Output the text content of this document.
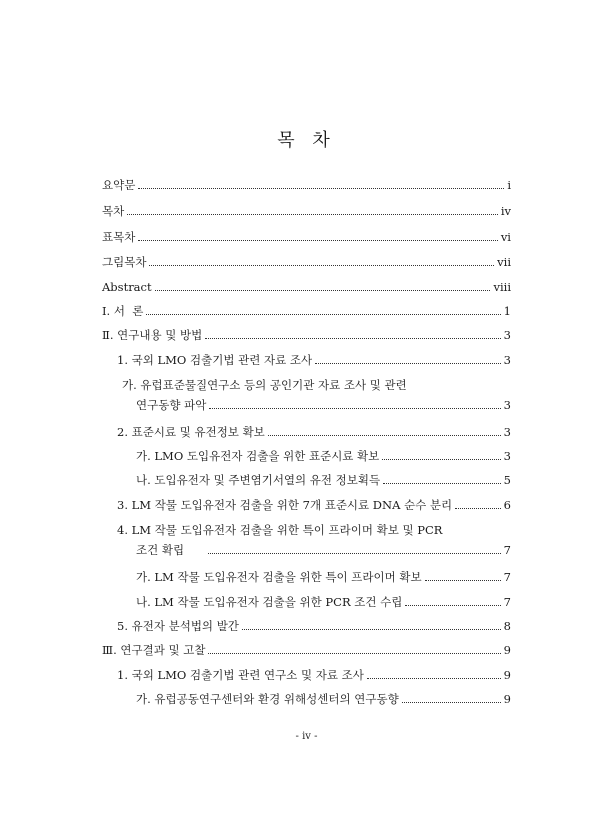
목 차
요약문	i
목차	iv
표목차	vi
그림목차	vii
Abstract	viii
Ⅰ. 서  론	1
Ⅱ. 연구내용 및 방법	3
1. 국외 LMO 검출기법 관련 자료 조사	3
가. 유럽표준물질연구소 등의 공인기관 자료 조사 및 관련
연구동향 파악	3
2. 표준시료 및 유전정보 확보	3
가. LMO 도입유전자 검출을 위한 표준시료 확보	3
나. 도입유전자 및 주변염기서열의 유전 정보획득	5
3. LM 작물 도입유전자 검출을 위한 7개 표준시료 DNA 순수 분리	6
4. LM 작물 도입유전자 검출을 위한 특이 프라이머 확보 및 PCR
조건 확립	7
가. LM 작물 도입유전자 검출을 위한 특이 프라이머 확보	7
나. LM 작물 도입유전자 검출을 위한 PCR 조건 수립	7
5. 유전자 분석법의 발간	8
Ⅲ. 연구결과 및 고찰	9
1. 국외 LMO 검출기법 관련 연구소 및 자료 조사	9
가. 유럽공동연구센터와 환경 위해성센터의 연구동향	9
- iv -
